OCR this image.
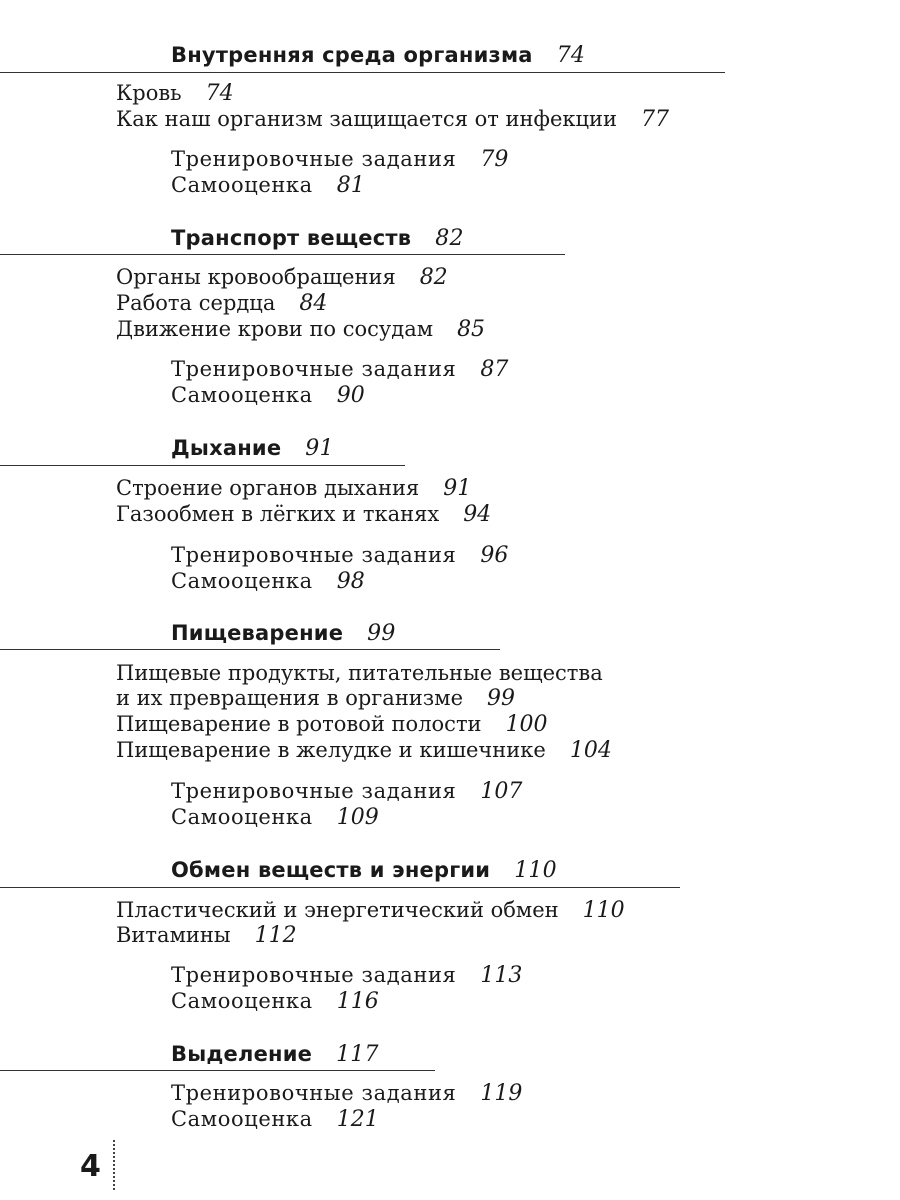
Внутренняя среда организма 74
Кровь 74
Как наш организм защищается от инфекции 77
Тренировочные задания 79
Самооценка 81
Транспорт веществ 82
Органы кровообращения 82
Работа сердца 84
Движение крови по сосудам 85
Тренировочные задания 87
Самооценка 90
Дыхание 91
Строение органов дыхания 91
Газообмен в лёгких и тканях 94
Тренировочные задания 96
Самооценка 98
Пищеварение 99
Пищевые продукты, питательные вещества
и их превращения в организме 99
Пищеварение в ротовой полости 100
Пищеварение в желудке и кишечнике 104
Тренировочные задания 107
Самооценка 109
Обмен веществ и энергии 110
Пластический и энергетический обмен 110
Витамины 112
Тренировочные задания 113
Самооценка 116
Выделение 117
Тренировочные задания 119
Самооценка 121
4
